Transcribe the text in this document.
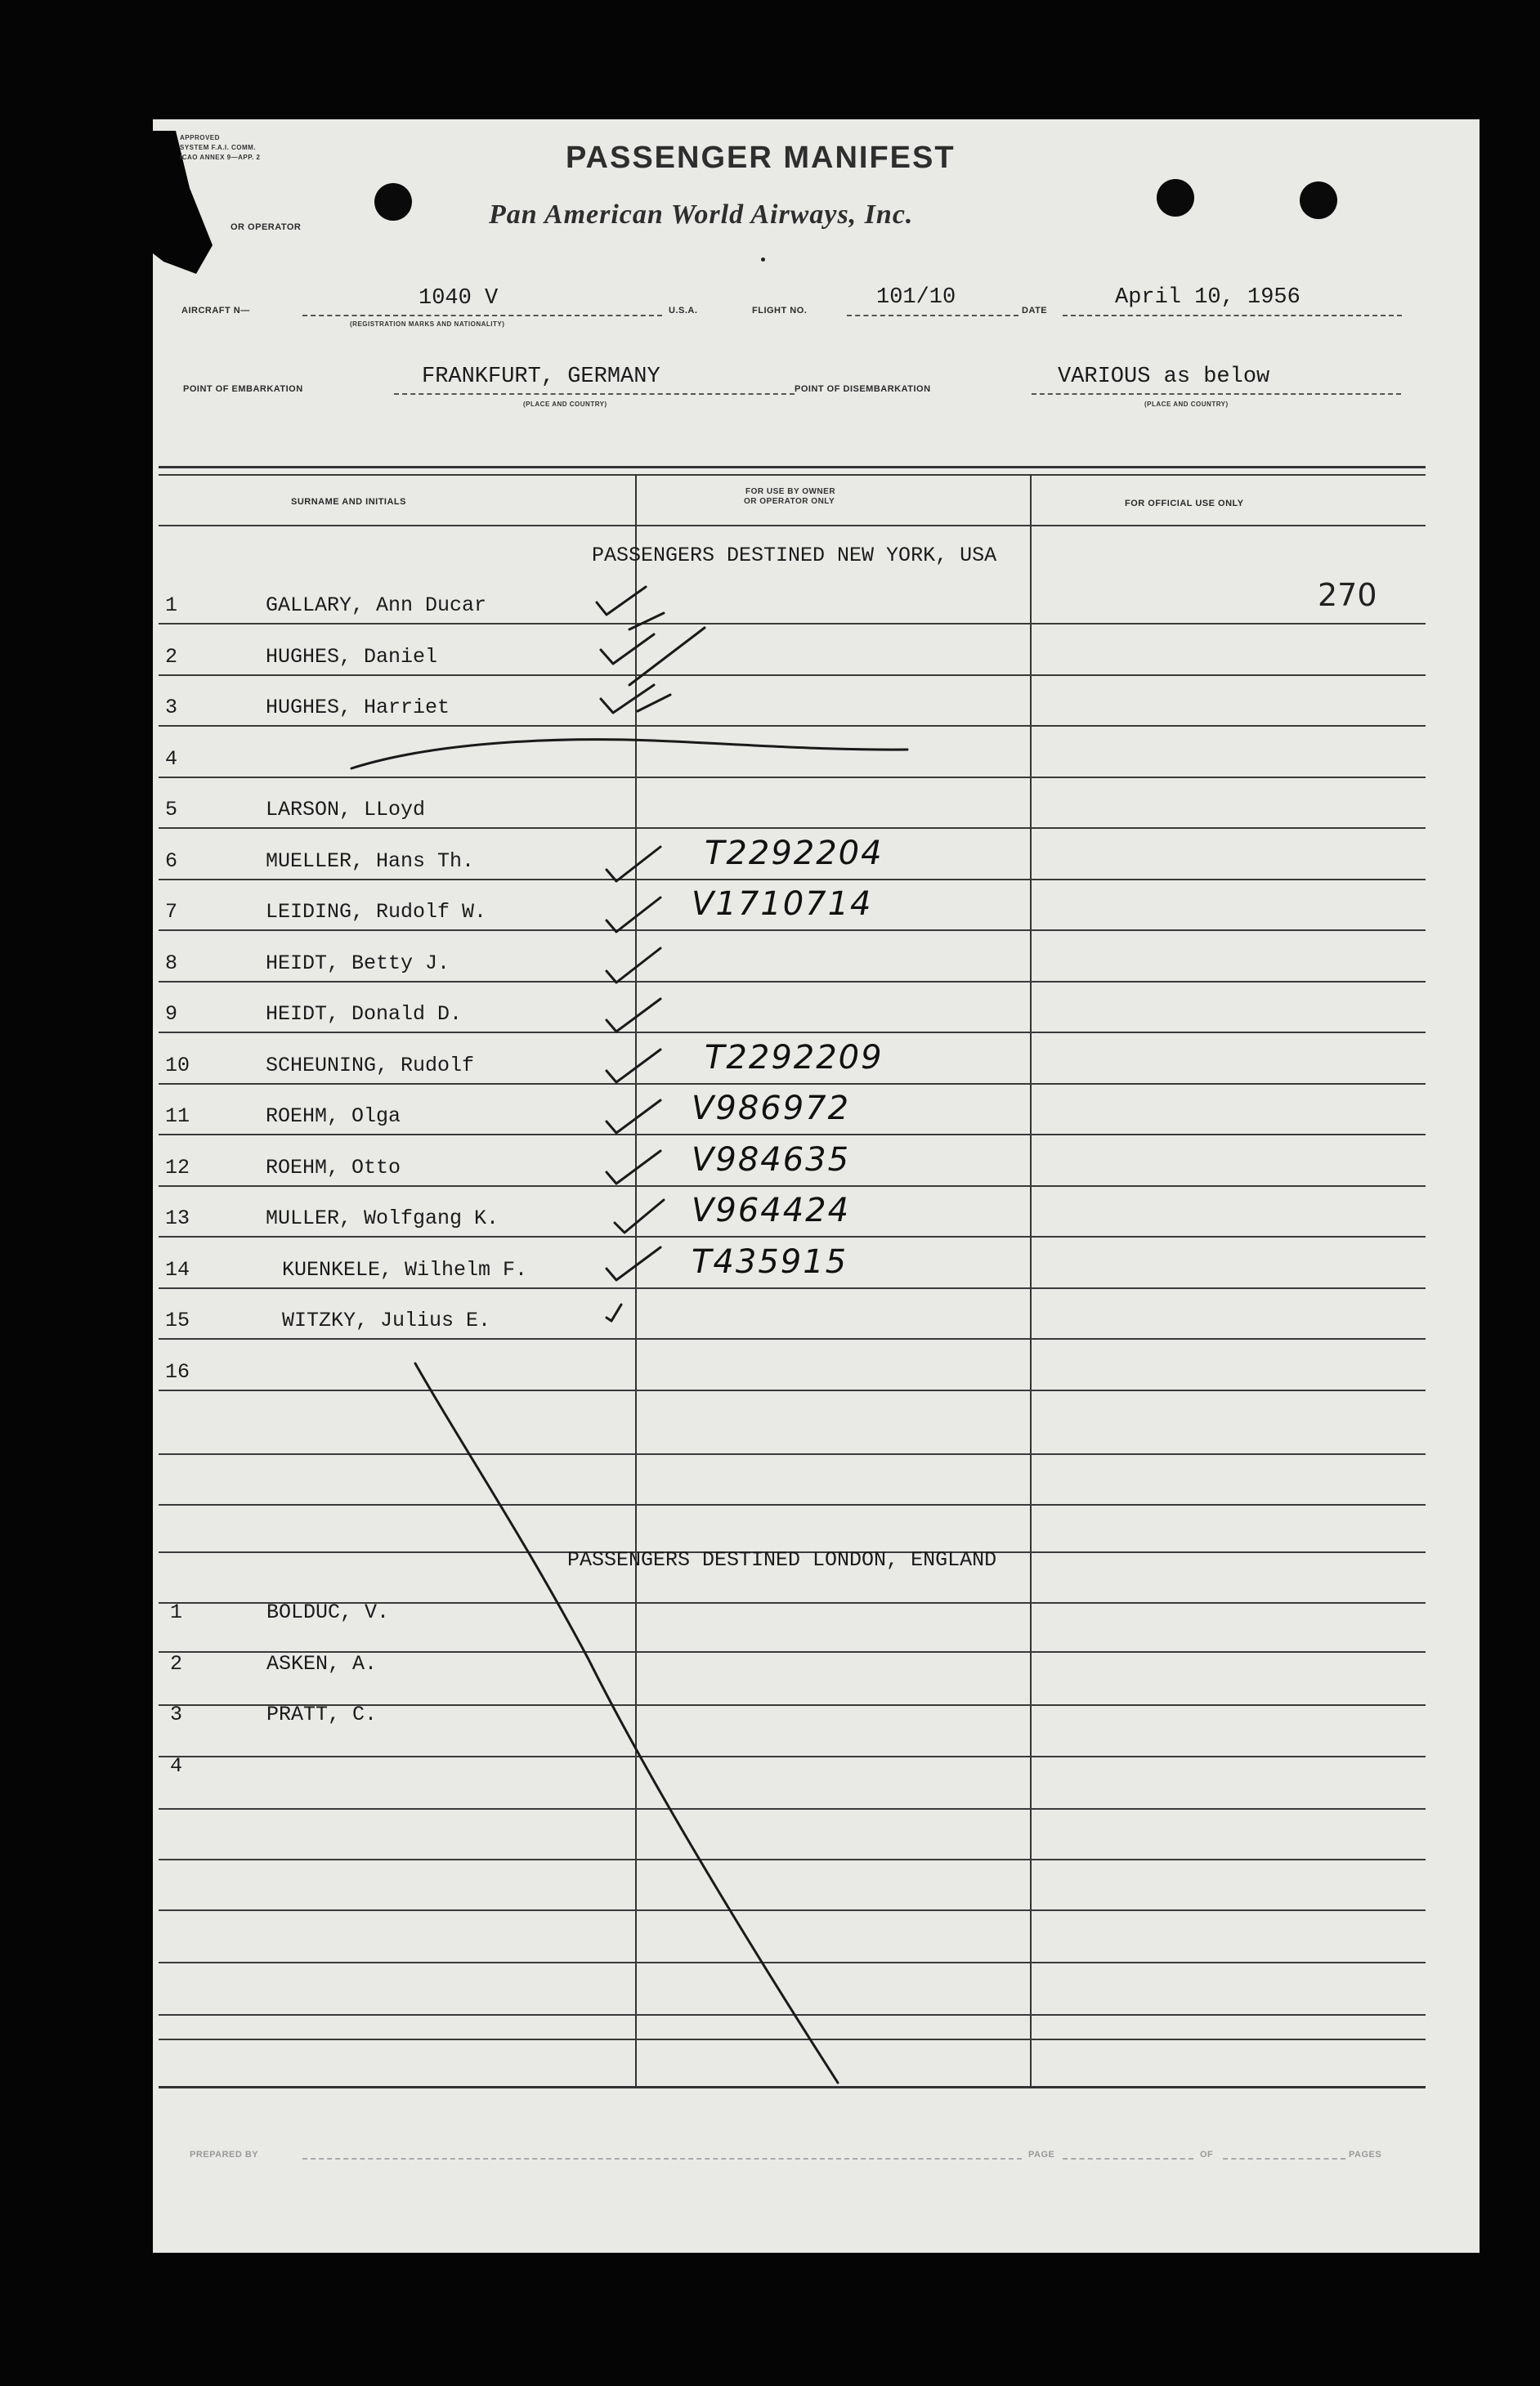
APPROVED
SYSTEM F.A.I. COMM.
ICAO ANNEX 9—APP. 2
OR OPERATOR
PASSENGER MANIFEST
Pan American World Airways, Inc.
AIRCRAFT N—	1040 V
(REGISTRATION MARKS AND NATIONALITY)
U.S.A.	FLIGHT NO.
101/10
DATE
April 10, 1956
POINT OF EMBARKATION	FRANKFURT, GERMANY
(PLACE AND COUNTRY)
POINT OF DISEMBARKATION	VARIOUS as below
(PLACE AND COUNTRY)
SURNAME AND INITIALS
FOR USE BY OWNER
OR OPERATOR ONLY	FOR OFFICIAL USE ONLY
PASSENGERS DESTINED NEW YORK, USA
270
1	GALLARY, Ann Ducar
2	HUGHES, Daniel
3	HUGHES, Harriet
4
5	LARSON, LLoyd
6	MUELLER, Hans Th.	T2292204
7	LEIDING, Rudolf W.	V1710714
8	HEIDT, Betty J.
9	HEIDT, Donald D.
10	SCHEUNING, Rudolf	T2292209
11	ROEHM, Olga	V986972
12	ROEHM, Otto	V984635
13	MULLER, Wolfgang K.	V964424
14	KUENKELE, Wilhelm F.	T435915
15	WITZKY, Julius E.
16
PASSENGERS DESTINED LONDON, ENGLAND
1	BOLDUC, V.
2	ASKEN, A.
3	PRATT, C.
4
PREPARED BY	PAGE	OF	PAGES
